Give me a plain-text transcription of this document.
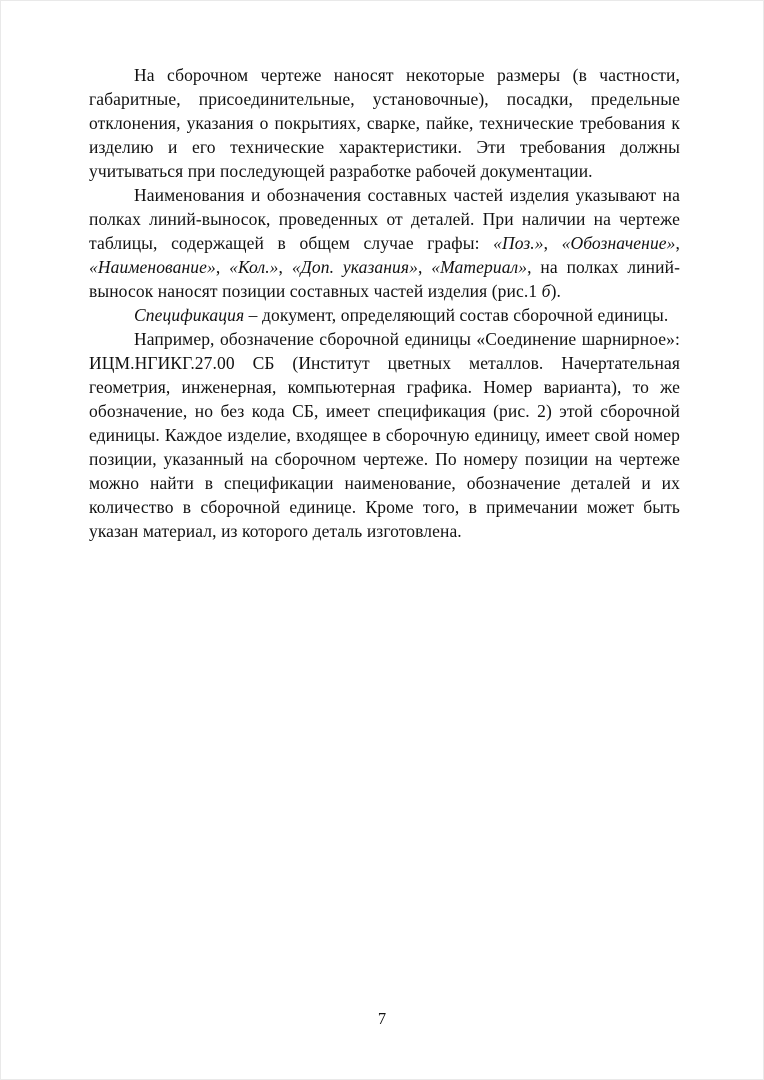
На сборочном чертеже наносят некоторые размеры (в частности, габаритные, присоединительные, установочные), посадки, предельные отклонения, указания о покрытиях, сварке, пайке, технические требования к изделию и его технические характеристики. Эти требования должны учитываться при последующей разработке рабочей документации.

Наименования и обозначения составных частей изделия указывают на полках линий-выносок, проведенных от деталей. При наличии на чертеже таблицы, содержащей в общем случае графы: «Поз.», «Обозначение», «Наименование», «Кол.», «Доп. указания», «Материал», на полках линий-выносок наносят позиции составных частей изделия (рис.1 б).

Спецификация – документ, определяющий состав сборочной единицы.

Например, обозначение сборочной единицы «Соединение шарнирное»: ИЦМ.НГИКГ.27.00 СБ (Институт цветных металлов. Начертательная геометрия, инженерная, компьютерная графика. Номер варианта), то же обозначение, но без кода СБ, имеет спецификация (рис. 2) этой сборочной единицы. Каждое изделие, входящее в сборочную единицу, имеет свой номер позиции, указанный на сборочном чертеже. По номеру позиции на чертеже можно найти в спецификации наименование, обозначение деталей и их количество в сборочной единице. Кроме того, в примечании может быть указан материал, из которого деталь изготовлена.

7
